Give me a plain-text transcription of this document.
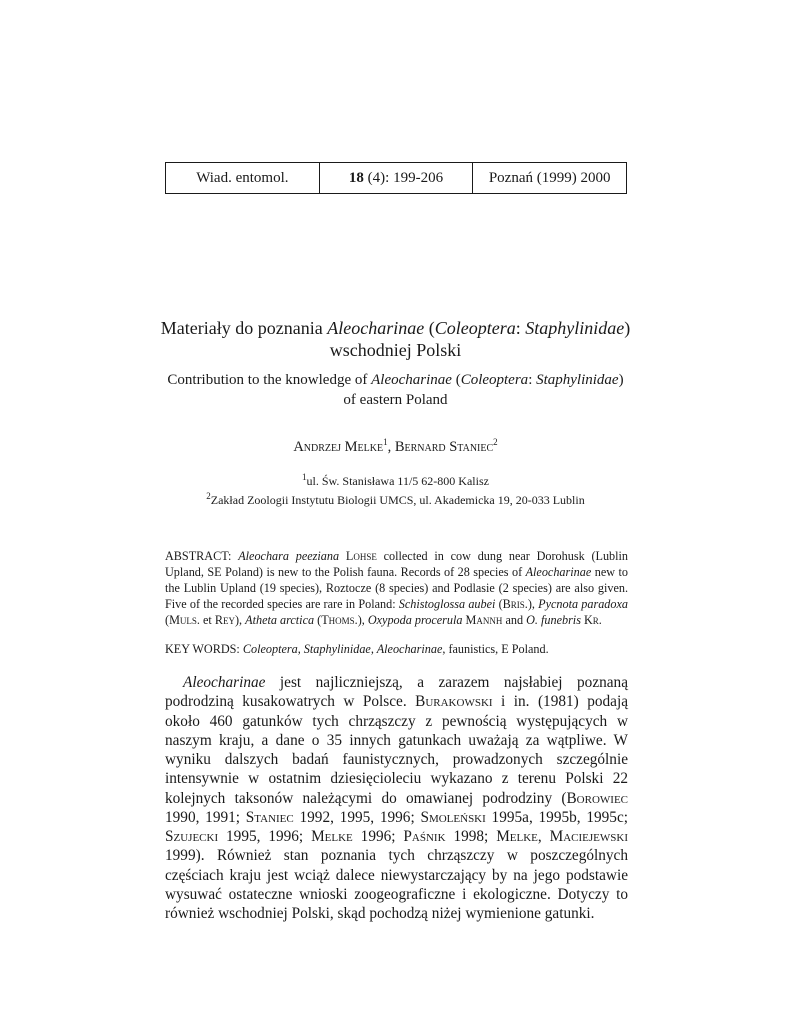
Wiad. entomol.	18 (4): 199-206	Poznań (1999) 2000
Materiały do poznania Aleocharinae (Coleoptera: Staphylinidae)
wschodniej Polski
Contribution to the knowledge of Aleocharinae (Coleoptera: Staphylinidae)
of eastern Poland
Andrzej Melke$^1$, Bernard Staniec$^2$
$^1$ul. Św. Stanisława 11/5 62-800 Kalisz
$^2$Zakład Zoologii Instytutu Biologii UMCS, ul. Akademicka 19, 20-033 Lublin

ABSTRACT: Aleochara peeziana Lohse collected in cow dung near Dorohusk (Lublin Upland, SE Poland) is new to the Polish fauna. Records of 28 species of Aleocharinae new to the Lublin Upland (19 species), Roztocze (8 species) and Podlasie (2 species) are also given. Five of the recorded species are rare in Poland: Schistoglossa aubei (Bris.), Pycnota paradoxa (Muls. et Rey), Atheta arctica (Thoms.), Oxypoda procerula Mannh and O. funebris Kr.

KEY WORDS: Coleoptera, Staphylinidae, Aleocharinae, faunistics, E Poland.

Aleocharinae jest najliczniejszą, a zarazem najsłabiej poznaną podrodziną kusakowatrych w Polsce. Burakowski i in. (1981) podają około 460 gatunków tych chrząszczy z pewnością występujących w naszym kraju, a dane o 35 innych gatunkach uważają za wątpliwe. W wyniku dalszych badań faunistycznych, prowadzonych szczególnie intensywnie w ostatnim dziesięcioleciu wykazano z terenu Polski 22 kolejnych taksonów należącymi do omawianej podrodziny (Borowiec 1990, 1991; Staniec 1992, 1995, 1996; Smoleński 1995a, 1995b, 1995c; Szujecki 1995, 1996; Melke 1996; Paśnik 1998; Melke, Maciejewski 1999). Również stan poznania tych chrząszczy w poszczególnych częściach kraju jest wciąż dalece niewystarczający by na jego podstawie wysuwać ostateczne wnioski zoogeograficzne i ekologiczne. Dotyczy to również wschodniej Polski, skąd pochodzą niżej wymienione gatunki.
